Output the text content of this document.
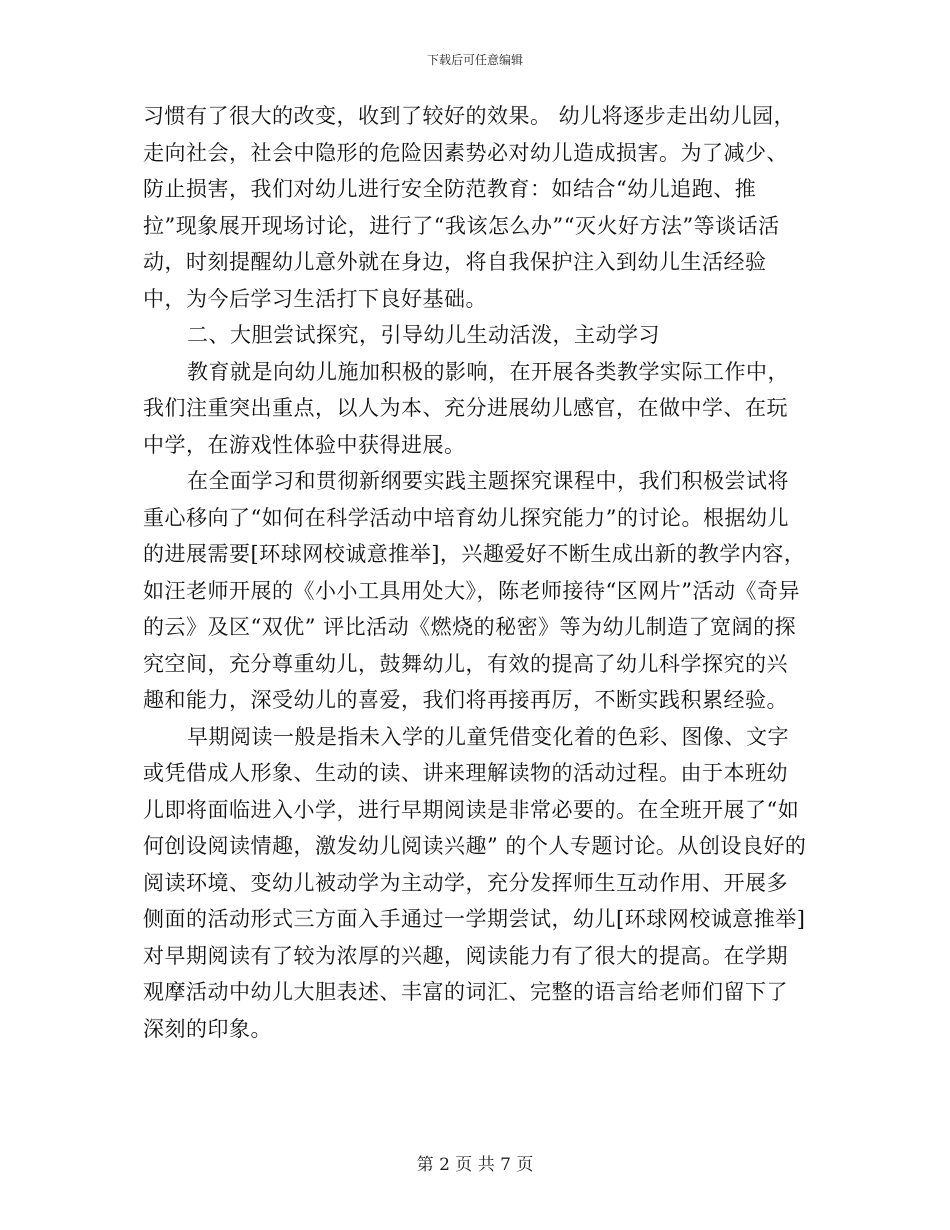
下载后可任意编辑

习惯有了很大的改变，收到了较好的效果。 幼儿将逐步走出幼儿园，走向社会，社会中隐形的危险因素势必对幼儿造成损害。为了减少、防止损害，我们对幼儿进行安全防范教育：如结合“幼儿追跑、推拉”现象展开现场讨论，进行了“我该怎么办”“灭火好方法”等谈话活动，时刻提醒幼儿意外就在身边，将自我保护注入到幼儿生活经验中，为今后学习生活打下良好基础。

二、大胆尝试探究，引导幼儿生动活泼，主动学习

教育就是向幼儿施加积极的影响，在开展各类教学实际工作中，我们注重突出重点，以人为本、充分进展幼儿感官，在做中学、在玩中学，在游戏性体验中获得进展。

在全面学习和贯彻新纲要实践主题探究课程中，我们积极尝试将重心移向了“如何在科学活动中培育幼儿探究能力”的讨论。根据幼儿的进展需要[环球网校诚意推举]，兴趣爱好不断生成出新的教学内容，如汪老师开展的《小小工具用处大》，陈老师接待“区网片”活动《奇异的云》及区“双优” 评比活动《燃烧的秘密》等为幼儿制造了宽阔的探究空间，充分尊重幼儿，鼓舞幼儿，有效的提高了幼儿科学探究的兴趣和能力，深受幼儿的喜爱，我们将再接再厉，不断实践积累经验。

早期阅读一般是指未入学的儿童凭借变化着的色彩、图像、文字或凭借成人形象、生动的读、讲来理解读物的活动过程。由于本班幼儿即将面临进入小学，进行早期阅读是非常必要的。在全班开展了“如何创设阅读情趣，激发幼儿阅读兴趣” 的个人专题讨论。从创设良好的阅读环境、变幼儿被动学为主动学，充分发挥师生互动作用、开展多侧面的活动形式三方面入手通过一学期尝试，幼儿[环球网校诚意推举]对早期阅读有了较为浓厚的兴趣，阅读能力有了很大的提高。在学期观摩活动中幼儿大胆表述、丰富的词汇、完整的语言给老师们留下了深刻的印象。

第 2 页 共 7 页
